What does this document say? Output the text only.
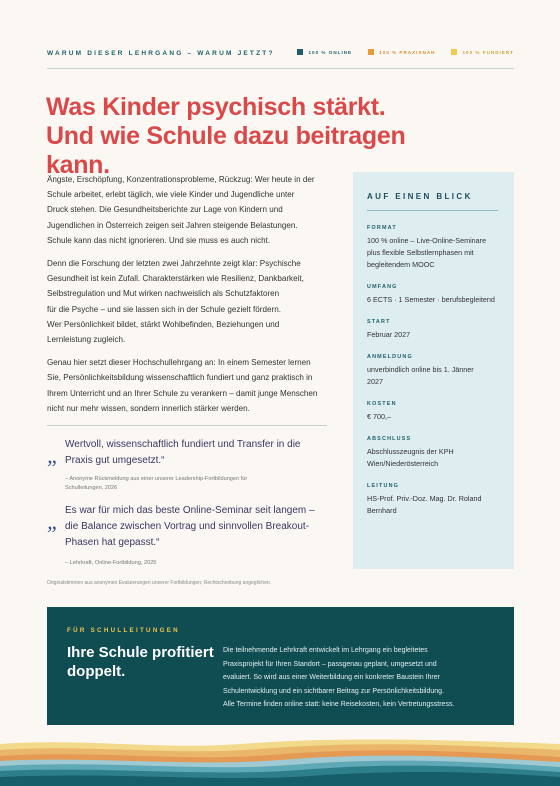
WARUM DIESER LEHRGANG – WARUM JETZT?	100 % ONLINE	100 % PRAXISNAH	100 % FUNDIERT
Was Kinder psychisch stärkt.
Und wie Schule dazu beitragen kann.

Ängste, Erschöpfung, Konzentrationsprobleme, Rückzug: Wer heute in der
Schule arbeitet, erlebt täglich, wie viele Kinder und Jugendliche unter
Druck stehen. Die Gesundheitsberichte zur Lage von Kindern und
Jugendlichen in Österreich zeigen seit Jahren steigende Belastungen.
Schule kann das nicht ignorieren. Und sie muss es auch nicht.

Denn die Forschung der letzten zwei Jahrzehnte zeigt klar: Psychische
Gesundheit ist kein Zufall. Charakterstärken wie Resilienz, Dankbarkeit,
Selbstregulation und Mut wirken nachweislich als Schutzfaktoren
für die Psyche – und sie lassen sich in der Schule gezielt fördern.
Wer Persönlichkeit bildet, stärkt Wohlbefinden, Beziehungen und
Lernleistung zugleich.

Genau hier setzt dieser Hochschullehrgang an: In einem Semester lernen
Sie, Persönlichkeitsbildung wissenschaftlich fundiert und ganz praktisch in
Ihrem Unterricht und an Ihrer Schule zu verankern – damit junge Menschen
nicht nur mehr wissen, sondern innerlich stärker werden.

„ Wertvoll, wissenschaftlich fundiert und Transfer in die
Praxis gut umgesetzt.“
– Anonyme Rückmeldung aus einer unserer Leadership-Fortbildungen für
Schulleitungen, 2026
„ Es war für mich das beste Online-Seminar seit langem –
die Balance zwischen Vortrag und sinnvollen Breakout-
Phasen hat gepasst.“
– Lehrkraft, Online-Fortbildung, 2025
Originalstimmen aus anonymen Evaluierungen unserer Fortbildungen; Rechtschreibung angeglichen.
AUF EINEN BLICK
FORMAT
100 % online – Live-Online-Seminare
plus flexible Selbstlernphasen mit
begleitendem MOOC
UMFANG
6 ECTS · 1 Semester · berufsbegleitend
START
Februar 2027
ANMELDUNG
unverbindlich online bis 1. Jänner
2027
KOSTEN
€ 700,–
ABSCHLUSS
Abschlusszeugnis der KPH
Wien/Niederösterreich
LEITUNG
HS-Prof. Priv.-Doz. Mag. Dr. Roland
Bernhard
FÜR SCHULLEITUNGEN
Ihre Schule profitiert
doppelt.
Die teilnehmende Lehrkraft entwickelt im Lehrgang ein begleitetes
Praxisprojekt für Ihren Standort – passgenau geplant, umgesetzt und
evaluiert. So wird aus einer Weiterbildung ein konkreter Baustein Ihrer
Schulentwicklung und ein sichtbarer Beitrag zur Persönlichkeitsbildung.
Alle Termine finden online statt: keine Reisekosten, kein Vertretungsstress.
